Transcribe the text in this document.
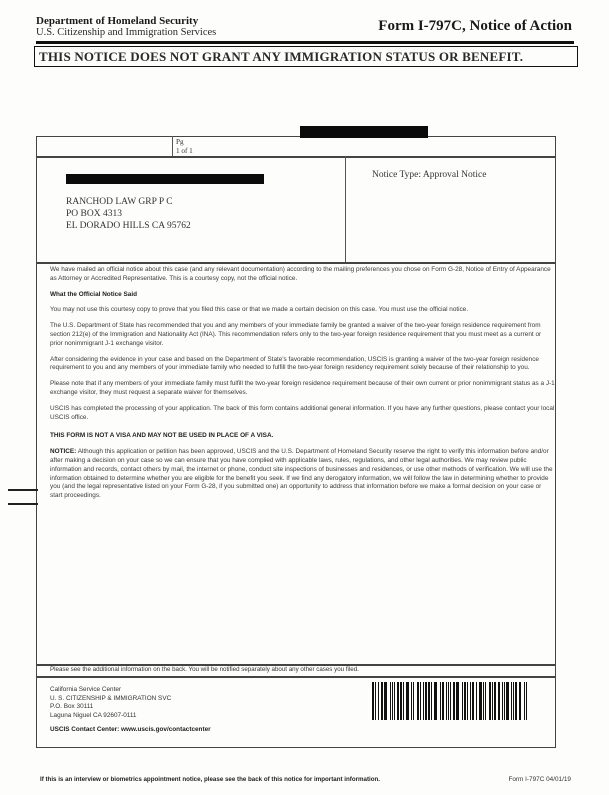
Department of Homeland Security
U.S. Citizenship and Immigration Services	Form I-797C, Notice of Action
THIS NOTICE DOES NOT GRANT ANY IMMIGRATION STATUS OR BENEFIT.
Pg
1 of 1
RANCHOD LAW GRP P C
PO BOX 4313
EL DORADO HILLS CA 95762
Notice Type: Approval Notice

We have mailed an official notice about this case (and any relevant documentation) according to the mailing preferences you chose on Form G-28, Notice of Entry of Appearance as Attorney or Accredited Representative. This is a courtesy copy, not the official notice.

What the Official Notice Said

You may not use this courtesy copy to prove that you filed this case or that we made a certain decision on this case. You must use the official notice.

The U.S. Department of State has recommended that you and any members of your immediate family be granted a waiver of the two-year foreign residence requirement from section 212(e) of the Immigration and Nationality Act (INA). This recommendation refers only to the two-year foreign residence requirement that you must meet as a current or prior nonimmigrant J-1 exchange visitor.

After considering the evidence in your case and based on the Department of State's favorable recommendation, USCIS is granting a waiver of the two-year foreign residence requirement to you and any members of your immediate family who needed to fulfill the two-year foreign residency requirement solely because of their relationship to you.

Please note that if any members of your immediate family must fulfill the two-year foreign residence requirement because of their own current or prior nonimmigrant status as a J-1 exchange visitor, they must request a separate waiver for themselves.

USCIS has completed the processing of your application. The back of this form contains additional general information. If you have any further questions, please contact your local USCIS office.

THIS FORM IS NOT A VISA AND MAY NOT BE USED IN PLACE OF A VISA.

NOTICE: Although this application or petition has been approved, USCIS and the U.S. Department of Homeland Security reserve the right to verify this information before and/or after making a decision on your case so we can ensure that you have complied with applicable laws, rules, regulations, and other legal authorities. We may review public information and records, contact others by mail, the internet or phone, conduct site inspections of businesses and residences, or use other methods of verification. We will use the information obtained to determine whether you are eligible for the benefit you seek. If we find any derogatory information, we will follow the law in determining whether to provide you (and the legal representative listed on your Form G-28, if you submitted one) an opportunity to address that information before we make a formal decision on your case or start proceedings.

Please see the additional information on the back. You will be notified separately about any other cases you filed.
California Service Center
U. S. CITIZENSHIP & IMMIGRATION SVC
P.O. Box 30111
Laguna Niguel CA 92607-0111
USCIS Contact Center: www.uscis.gov/contactcenter
If this is an interview or biometrics appointment notice, please see the back of this notice for important information.	Form I-797C 04/01/19
